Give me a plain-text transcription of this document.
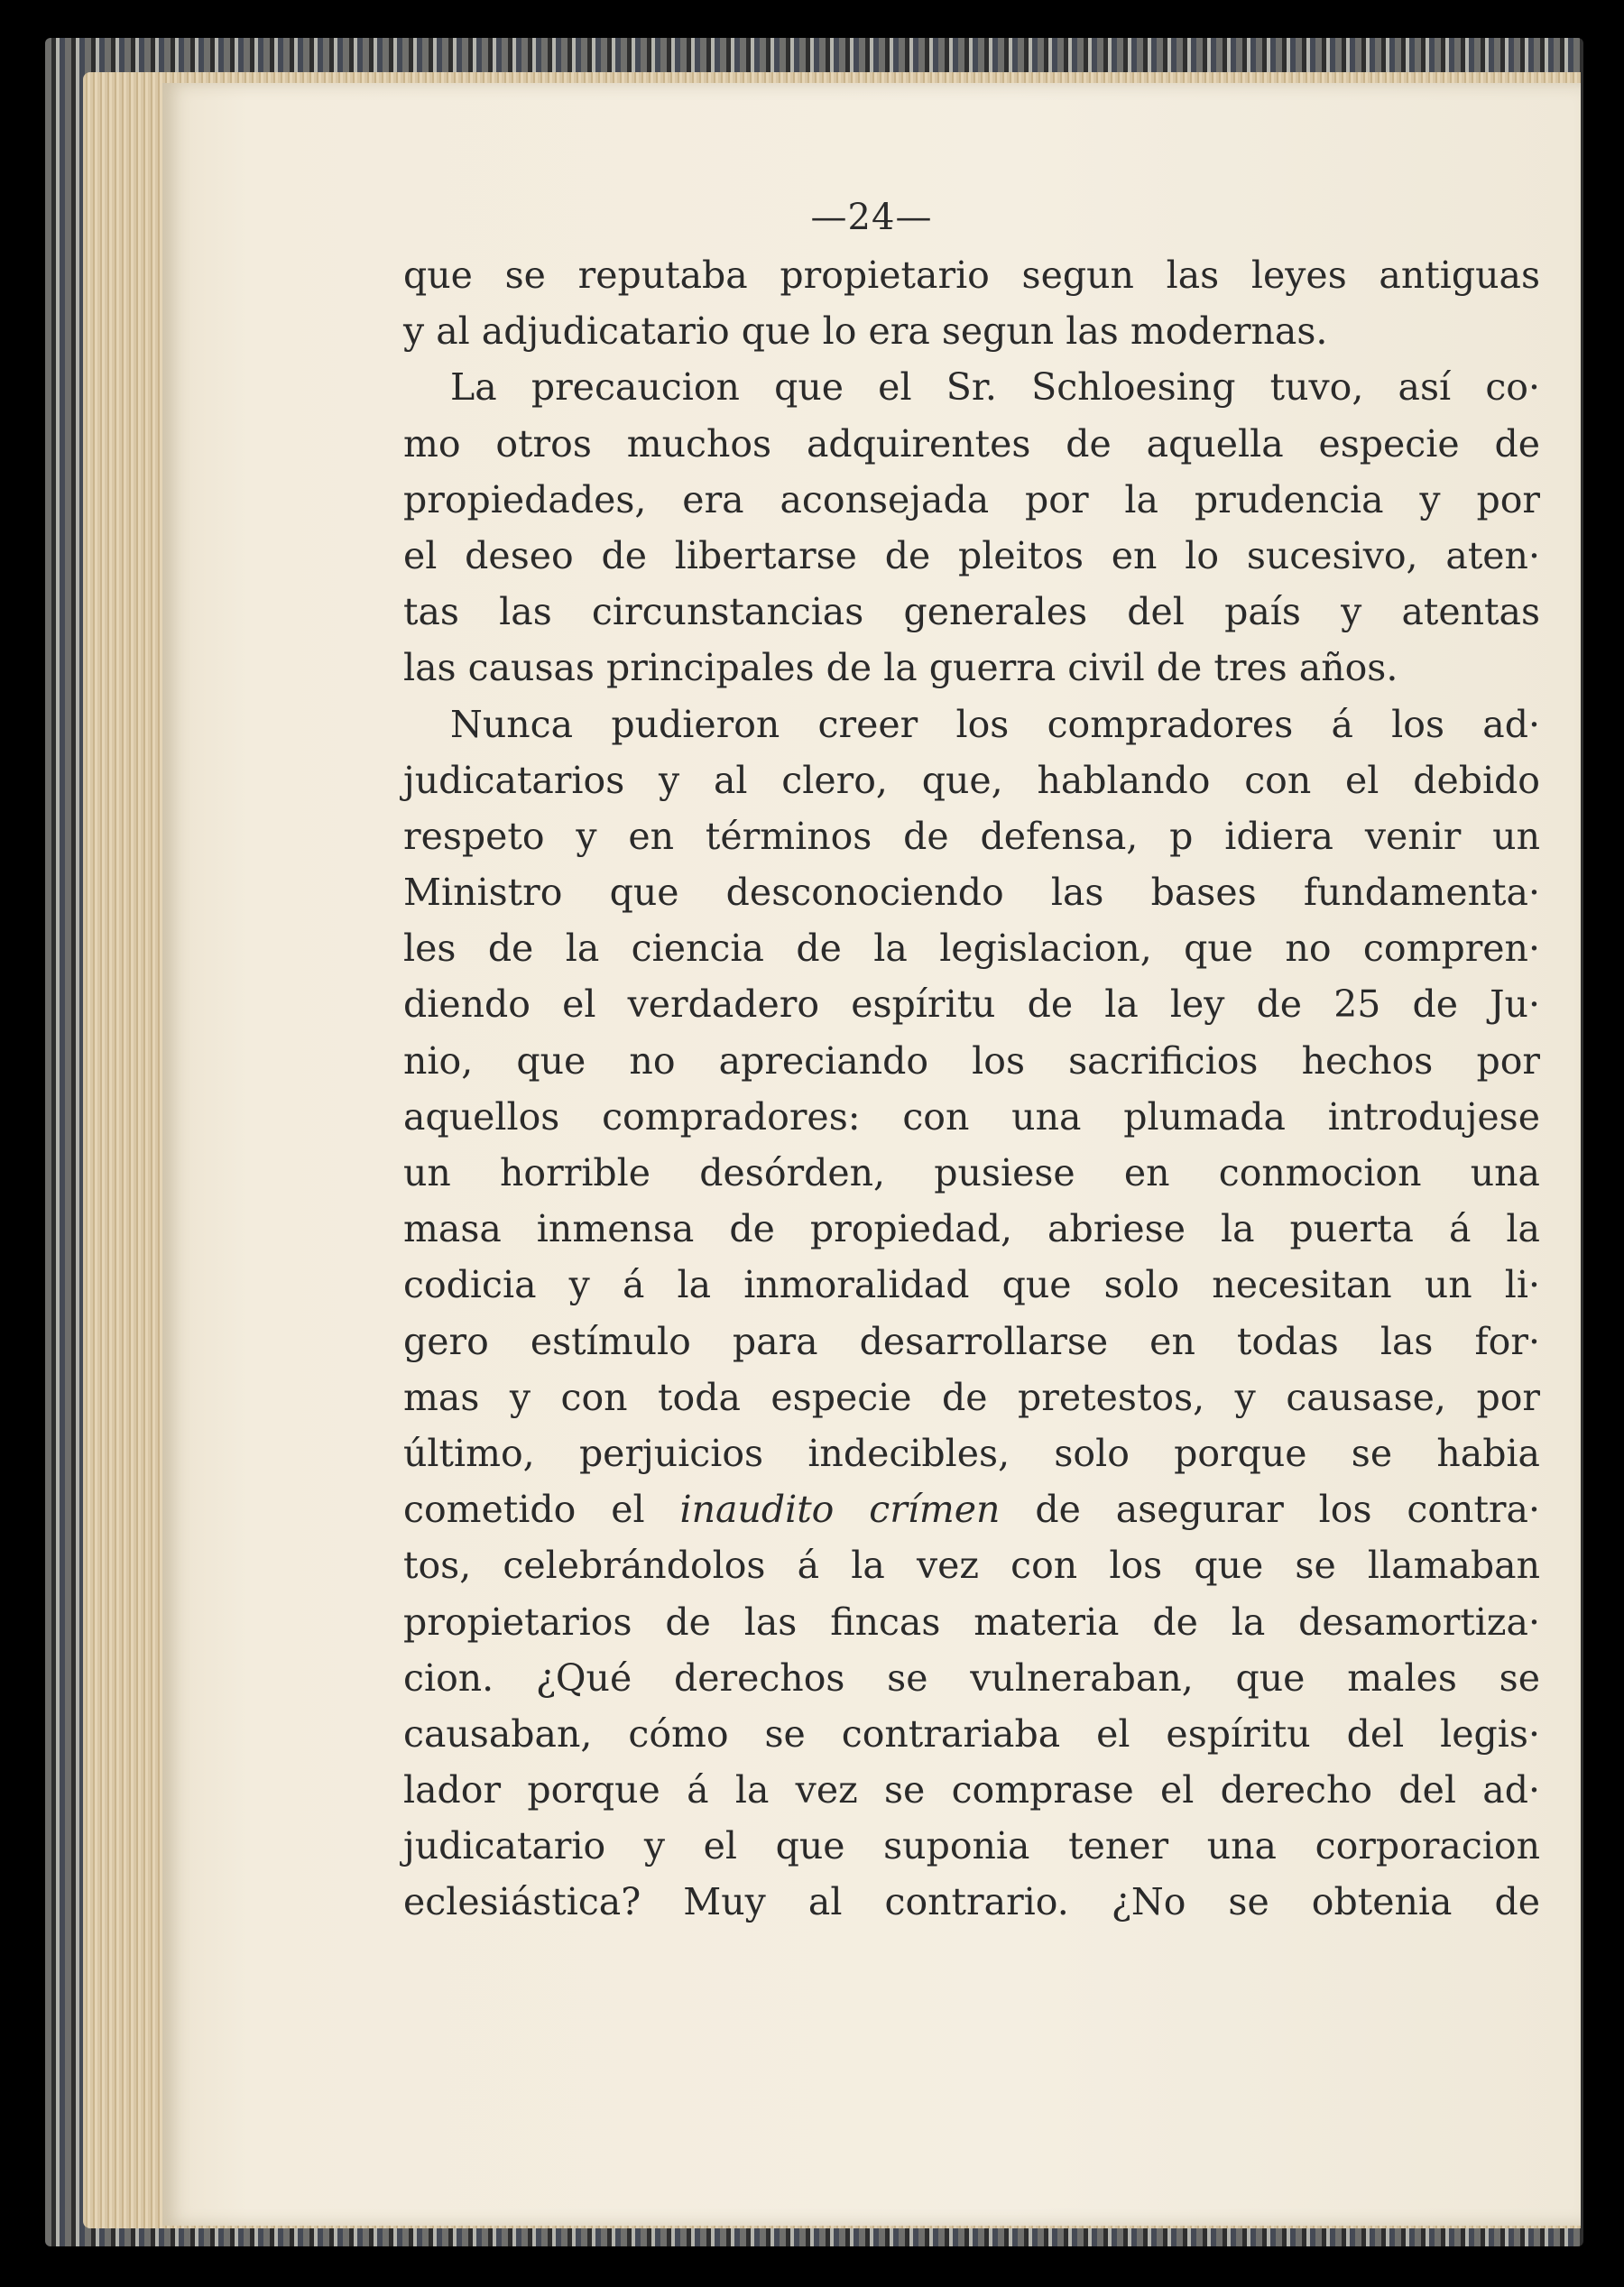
—24—
que se reputaba propietario segun las leyes antiguas
y al adjudicatario que lo era segun las modernas.
La precaucion que el Sr. Schloesing tuvo, así co·
mo otros muchos adquirentes de aquella especie de
propiedades, era aconsejada por la prudencia y por
el deseo de libertarse de pleitos en lo sucesivo, aten·
tas las circunstancias generales del país y atentas
las causas principales de la guerra civil de tres años.
Nunca pudieron creer los compradores á los ad·
judicatarios y al clero, que, hablando con el debido
respeto y en términos de defensa, p idiera venir un
Ministro que desconociendo las bases fundamenta·
les de la ciencia de la legislacion, que no compren·
diendo el verdadero espíritu de la ley de 25 de Ju·
nio, que no apreciando los sacrificios hechos por
aquellos compradores: con una plumada introdujese
un horrible desórden, pusiese en conmocion una
masa inmensa de propiedad, abriese la puerta á la
codicia y á la inmoralidad que solo necesitan un li·
gero estímulo para desarrollarse en todas las for·
mas y con toda especie de pretestos, y causase, por
último, perjuicios indecibles, solo porque se habia
cometido el inaudito crímen de asegurar los contra·
tos, celebrándolos á la vez con los que se llamaban
propietarios de las fincas materia de la desamortiza·
cion. ¿Qué derechos se vulneraban, que males se
causaban, cómo se contrariaba el espíritu del legis·
lador porque á la vez se comprase el derecho del ad·
judicatario y el que suponia tener una corporacion
eclesiástica? Muy al contrario. ¿No se obtenia de
